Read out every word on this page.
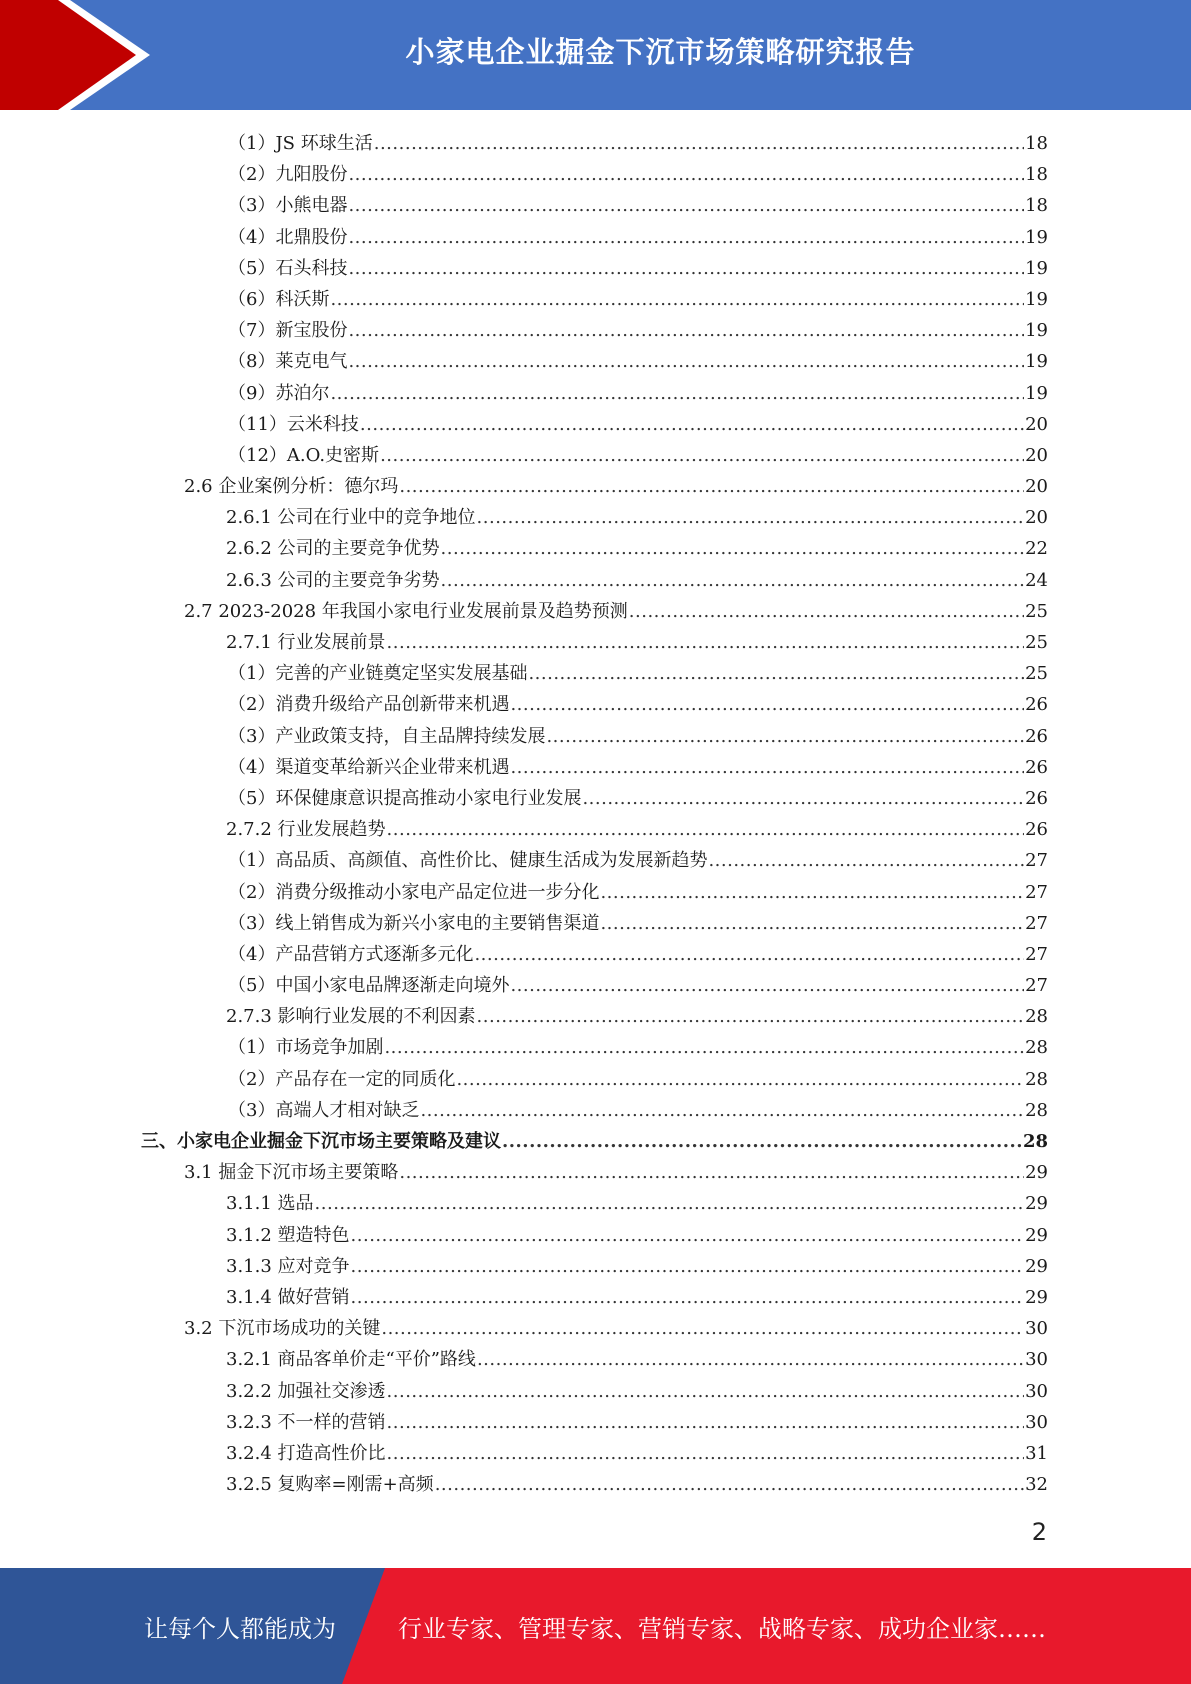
小家电企业掘金下沉市场策略研究报告
（1）JS 环球生活 .....	18
（2）九阳股份 .....	18
（3）小熊电器 .....	18
（4）北鼎股份 .....	19
（5）石头科技 .....	19
（6）科沃斯 .....	19
（7）新宝股份 .....	19
（8）莱克电气 .....	19
（9）苏泊尔 .....	19
（11）云米科技 .....	20
（12）A.O.史密斯 .....	20
2.6 企业案例分析：德尔玛 .....	20
2.6.1 公司在行业中的竞争地位 .....	20
2.6.2 公司的主要竞争优势 .....	22
2.6.3 公司的主要竞争劣势 .....	24
2.7 2023-2028 年我国小家电行业发展前景及趋势预测 .....	25
2.7.1 行业发展前景 .....	25
（1）完善的产业链奠定坚实发展基础 .....	25
（2）消费升级给产品创新带来机遇 .....	26
（3）产业政策支持，自主品牌持续发展 .....	26
（4）渠道变革给新兴企业带来机遇 .....	26
（5）环保健康意识提高推动小家电行业发展 .....	26
2.7.2 行业发展趋势 .....	26
（1）高品质、高颜值、高性价比、健康生活成为发展新趋势 .....	27
（2）消费分级推动小家电产品定位进一步分化 .....	27
（3）线上销售成为新兴小家电的主要销售渠道 .....	27
（4）产品营销方式逐渐多元化 .....	27
（5）中国小家电品牌逐渐走向境外 .....	27
2.7.3 影响行业发展的不利因素 .....	28
（1）市场竞争加剧 .....	28
（2）产品存在一定的同质化 .....	28
（3）高端人才相对缺乏 .....	28
三、小家电企业掘金下沉市场主要策略及建议 .....	28
3.1 掘金下沉市场主要策略 .....	29
3.1.1 选品 .....	29
3.1.2 塑造特色 .....	29
3.1.3 应对竞争 .....	29
3.1.4 做好营销 .....	29
3.2 下沉市场成功的关键 .....	30
3.2.1 商品客单价走“平价”路线 .....	30
3.2.2 加强社交渗透 .....	30
3.2.3 不一样的营销 .....	30
3.2.4 打造高性价比 .....	31
3.2.5 复购率=刚需+高频 .....	32
2
让每个人都能成为	行业专家、管理专家、营销专家、战略专家、成功企业家……
